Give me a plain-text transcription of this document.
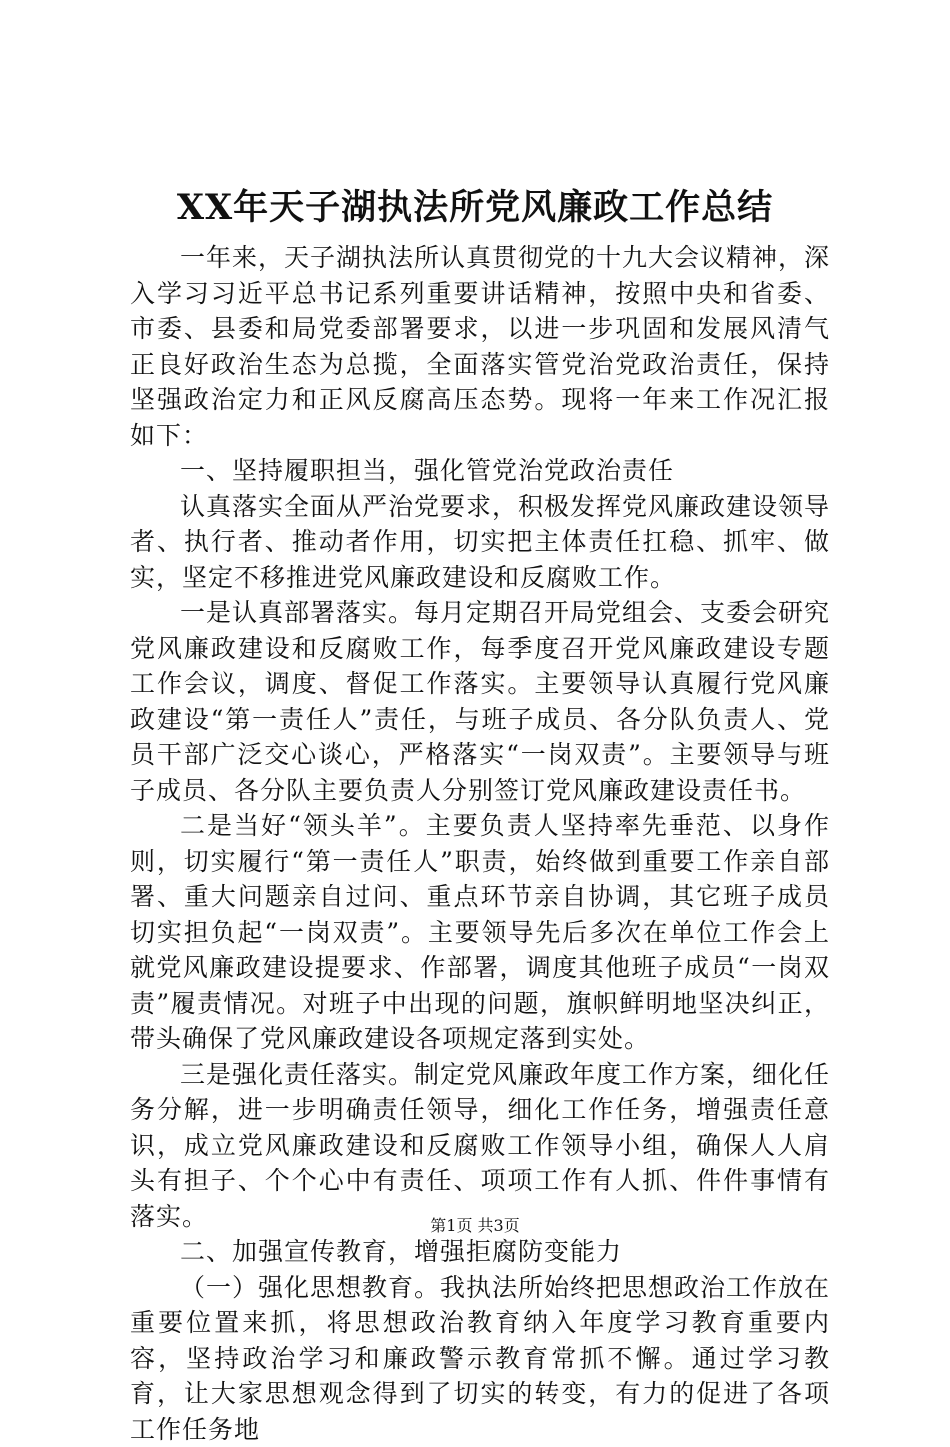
XX年天子湖执法所党风廉政工作总结

一年来，天子湖执法所认真贯彻党的十九大会议精神，深入学习习近平总书记系列重要讲话精神，按照中央和省委、市委、县委和局党委部署要求，以进一步巩固和发展风清气正良好政治生态为总揽，全面落实管党治党政治责任，保持坚强政治定力和正风反腐高压态势。现将一年来工作况汇报如下：

一、坚持履职担当，强化管党治党政治责任

认真落实全面从严治党要求，积极发挥党风廉政建设领导者、执行者、推动者作用，切实把主体责任扛稳、抓牢、做实，坚定不移推进党风廉政建设和反腐败工作。

一是认真部署落实。每月定期召开局党组会、支委会研究党风廉政建设和反腐败工作，每季度召开党风廉政建设专题工作会议，调度、督促工作落实。主要领导认真履行党风廉政建设“第一责任人”责任，与班子成员、各分队负责人、党员干部广泛交心谈心，严格落实“一岗双责”。主要领导与班子成员、各分队主要负责人分别签订党风廉政建设责任书。

二是当好“领头羊”。主要负责人坚持率先垂范、以身作则，切实履行“第一责任人”职责，始终做到重要工作亲自部署、重大问题亲自过问、重点环节亲自协调，其它班子成员切实担负起“一岗双责”。主要领导先后多次在单位工作会上就党风廉政建设提要求、作部署，调度其他班子成员“一岗双责”履责情况。对班子中出现的问题，旗帜鲜明地坚决纠正，带头确保了党风廉政建设各项规定落到实处。

三是强化责任落实。制定党风廉政年度工作方案，细化任务分解，进一步明确责任领导，细化工作任务，增强责任意识，成立党风廉政建设和反腐败工作领导小组，确保人人肩头有担子、个个心中有责任、项项工作有人抓、件件事情有落实。

二、加强宣传教育，增强拒腐防变能力

（一）强化思想教育。我执法所始终把思想政治工作放在重要位置来抓，将思想政治教育纳入年度学习教育重要内容，坚持政治学习和廉政警示教育常抓不懈。通过学习教育，让大家思想观念得到了切实的转变，有力的促进了各项工作任务地

第1页 共3页
